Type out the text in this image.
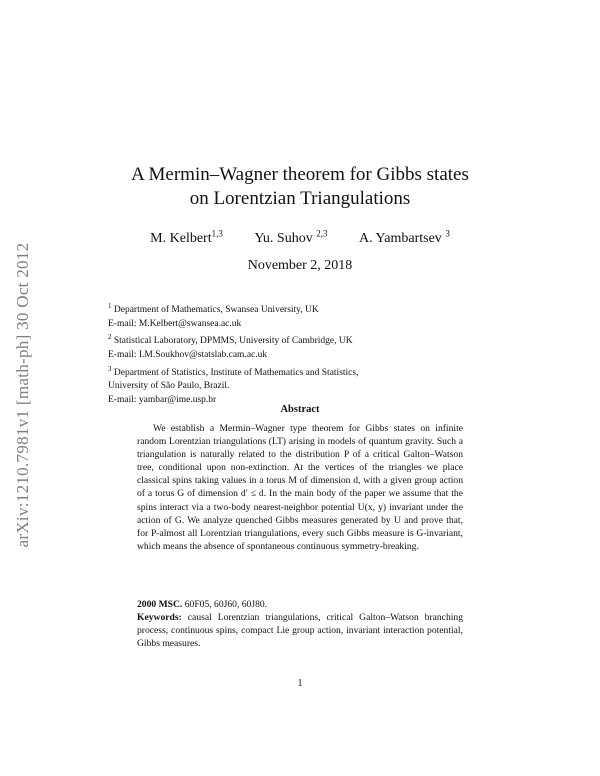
arXiv:1210.7981v1 [math-ph] 30 Oct 2012
A Mermin–Wagner theorem for Gibbs states
on Lorentzian Triangulations
M. Kelbert$^{1,3}$ Yu. Suhov $^{2,3}$ A. Yambartsev $^3$
November 2, 2018
$^1$ Department of Mathematics, Swansea University, UK
E-mail: M.Kelbert@swansea.ac.uk
$^2$ Statistical Laboratory, DPMMS, University of Cambridge, UK
E-mail: I.M.Soukhov@statslab.cam.ac.uk
$^3$ Department of Statistics, Institute of Mathematics and Statistics,
University of São Paulo, Brazil.
E-mail: yambar@ime.usp.br
Abstract
We establish a Mermin–Wagner type theorem for Gibbs states on infinite random Lorentzian triangulations (LT) arising in models of quantum gravity. Such a triangulation is naturally related to the distribution P of a critical Galton–Watson tree, conditional upon non-extinction. At the vertices of the triangles we place classical spins taking values in a torus M of dimension d, with a given group action of a torus G of dimension d′ ≤ d. In the main body of the paper we assume that the spins interact via a two-body nearest-neighbor potential U(x, y) invariant under the action of G. We analyze quenched Gibbs measures generated by U and prove that, for P-almost all Lorentzian triangulations, every such Gibbs measure is G-invariant, which means the absence of spontaneous continuous symmetry-breaking.
2000 MSC. 60F05, 60J60, 60J80.
Keywords: causal Lorentzian triangulations, critical Galton–Watson branching process, continuous spins, compact Lie group action, invariant interaction potential, Gibbs measures.
1
